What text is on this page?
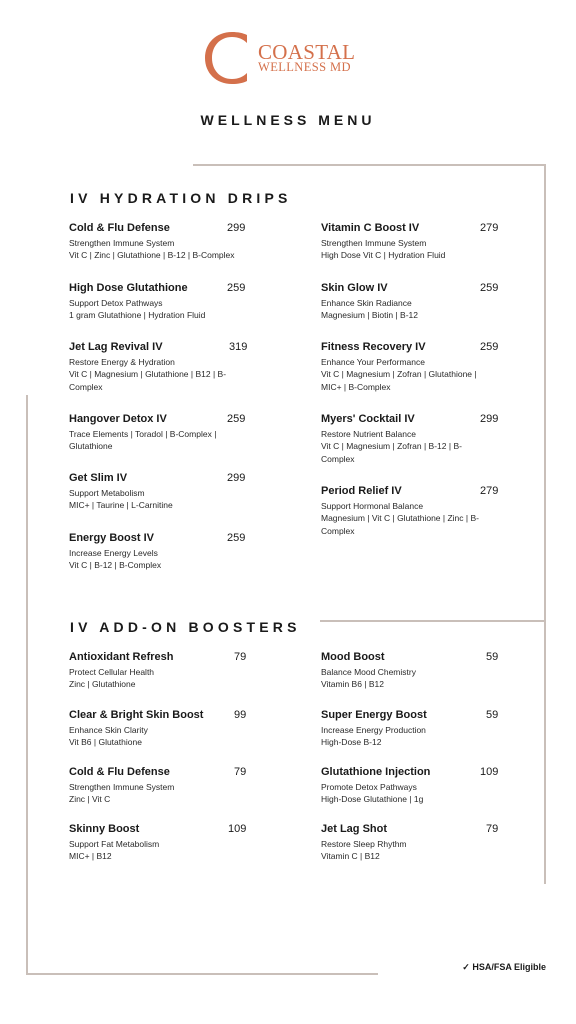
COASTAL
WELLNESS MD
WELLNESS MENU
IV HYDRATION DRIPS
Cold & Flu Defense	299
Strengthen Immune System
Vit C | Zinc | Glutathione | B-12 | B-Complex
High Dose Glutathione	259
Support Detox Pathways
1 gram Glutathione | Hydration Fluid
Jet Lag Revival IV	319
Restore Energy & Hydration
Vit C | Magnesium | Glutathione | B12 | B-Complex
Hangover Detox IV	259
Trace Elements | Toradol | B-Complex | Glutathione
Get Slim IV	299
Support Metabolism
MIC+ | Taurine | L-Carnitine
Energy Boost IV	259
Increase Energy Levels
Vit C | B-12 | B-Complex
Vitamin C Boost IV	279
Strengthen Immune System
High Dose Vit C | Hydration Fluid
Skin Glow IV	259
Enhance Skin Radiance
Magnesium | Biotin | B-12
Fitness Recovery IV	259
Enhance Your Performance
Vit C | Magnesium | Zofran | Glutathione | MIC+ | B-Complex
Myers' Cocktail IV	299
Restore Nutrient Balance
Vit C | Magnesium | Zofran | B-12 | B-Complex
Period Relief IV	279
Support Hormonal Balance
Magnesium | Vit C | Glutathione | Zinc | B-Complex
IV ADD-ON BOOSTERS
Antioxidant Refresh	79
Protect Cellular Health
Zinc | Glutathione
Clear & Bright Skin Boost	99
Enhance Skin Clarity
Vit B6 | Glutathione
Cold & Flu Defense	79
Strengthen Immune System
Zinc | Vit C
Skinny Boost	109
Support Fat Metabolism
MIC+ | B12
Mood Boost	59
Balance Mood Chemistry
Vitamin B6 | B12
Super Energy Boost	59
Increase Energy Production
High-Dose B-12
Glutathione Injection	109
Promote Detox Pathways
High-Dose Glutathione | 1g
Jet Lag Shot	79
Restore Sleep Rhythm
Vitamin C | B12
✓ HSA/FSA Eligible
